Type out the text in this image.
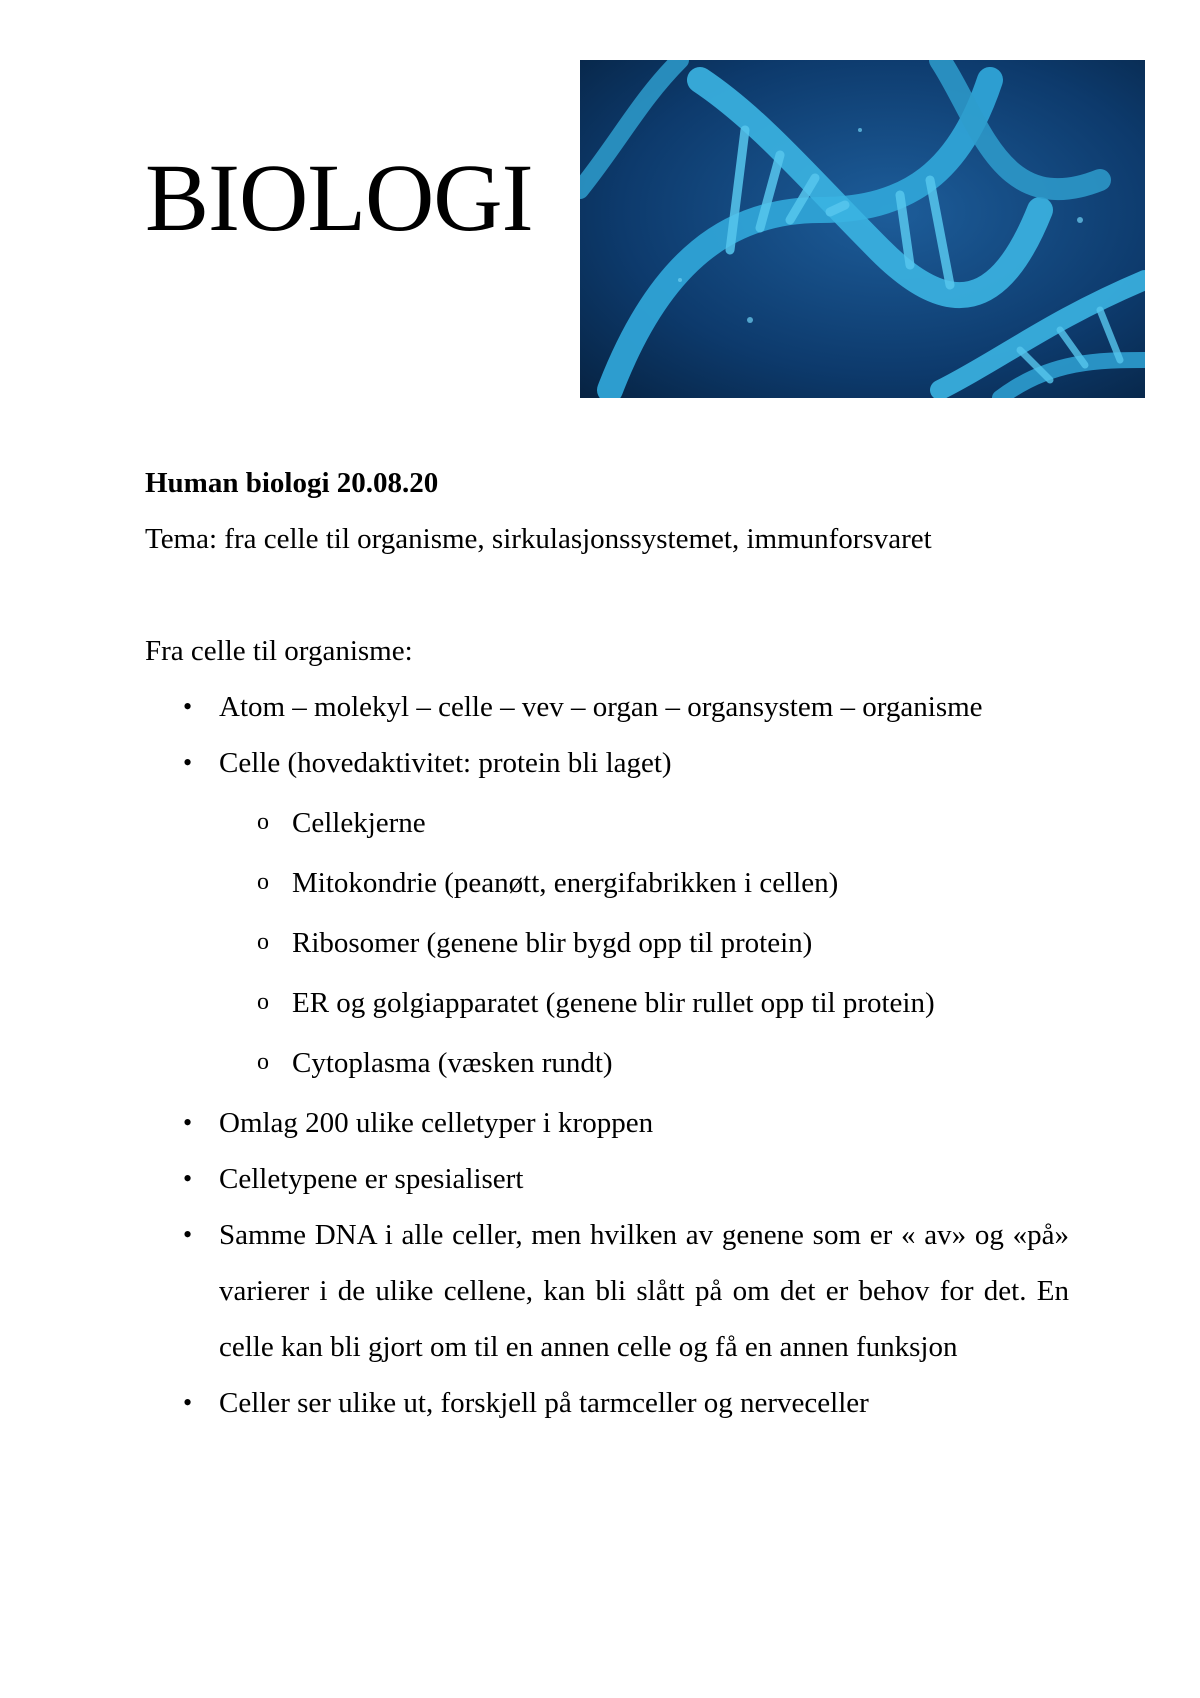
BIOLOGI
Human biologi 20.08.20
Tema: fra celle til organisme, sirkulasjonssystemet, immunforsvaret
Fra celle til organisme:
• Atom – molekyl – celle – vev – organ – organsystem – organisme
• Celle (hovedaktivitet: protein bli laget)
o Cellekjerne
o Mitokondrie (peanøtt, energifabrikken i cellen)
o Ribosomer (genene blir bygd opp til protein)
o ER og golgiapparatet (genene blir rullet opp til protein)
o Cytoplasma (væsken rundt)
• Omlag 200 ulike celletyper i kroppen
• Celletypene er spesialisert
• Samme DNA i alle celler, men hvilken av genene som er « av» og «på» varierer i de ulike cellene, kan bli slått på om det er behov for det. En celle kan bli gjort om til en annen celle og få en annen funksjon
• Celler ser ulike ut, forskjell på tarmceller og nerveceller
